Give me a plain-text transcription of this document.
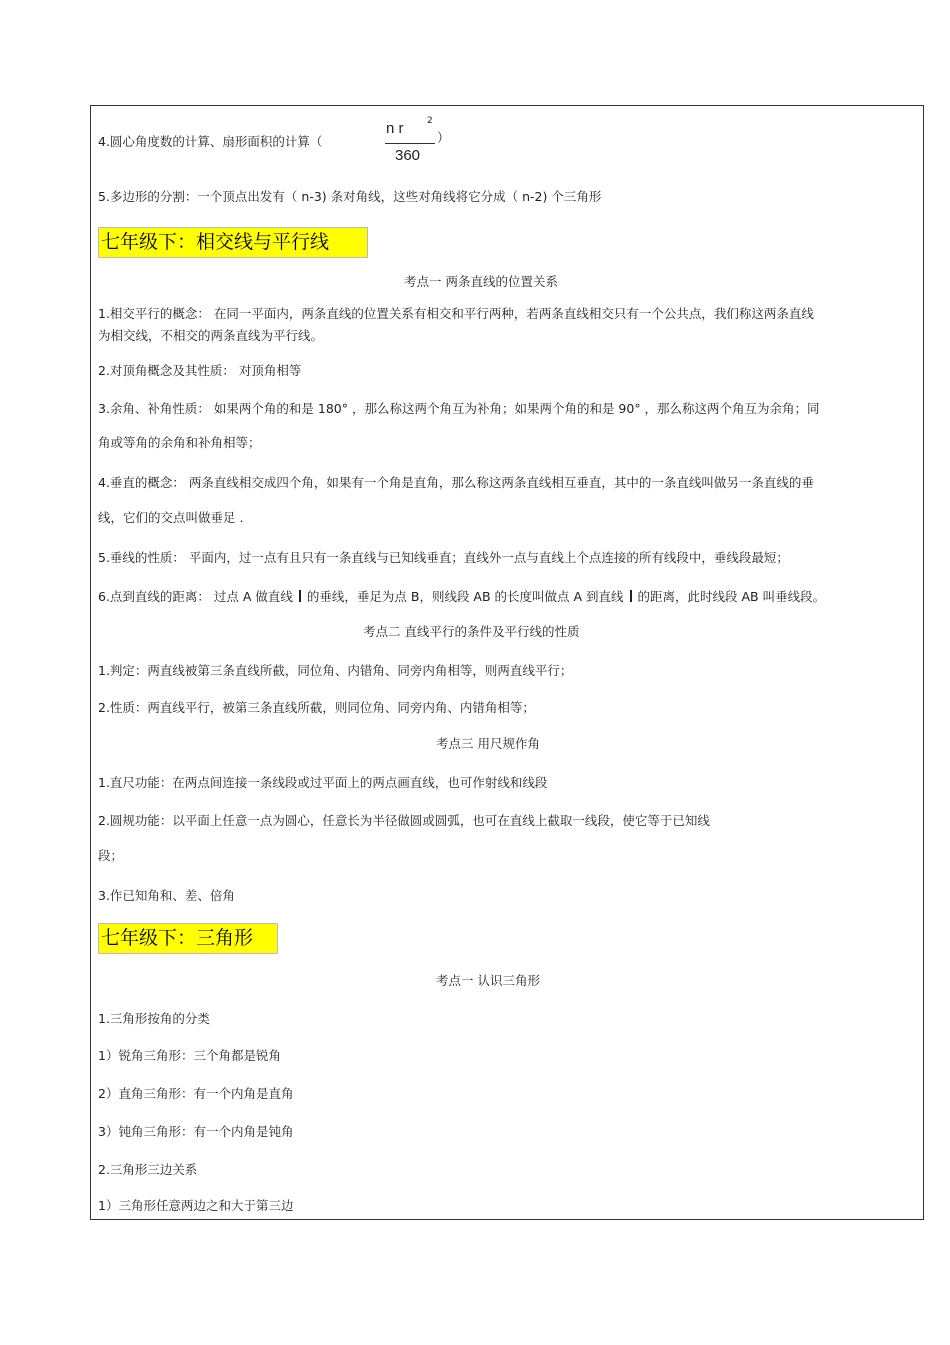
4.圆心角度数的计算、扇形面积的计算（
n r	2
360
）
5.多边形的分割：一个顶点出发有（ n-3) 条对角线，这些对角线将它分成（ n-2) 个三角形
七年级下：相交线与平行线
考点一 两条直线的位置关系
1.相交平行的概念： 在同一平面内，两条直线的位置关系有相交和平行两种，若两条直线相交只有一个公共点，我们称这两条直线
为相交线，不相交的两条直线为平行线。
2.对顶角概念及其性质： 对顶角相等
3.余角、补角性质： 如果两个角的和是 180° ，那么称这两个角互为补角；如果两个角的和是 90° ，那么称这两个角互为余角；同
角或等角的余角和补角相等；
4.垂直的概念： 两条直线相交成四个角，如果有一个角是直角，那么称这两条直线相互垂直，其中的一条直线叫做另一条直线的垂
线，它们的交点叫做垂足 .
5.垂线的性质： 平面内，过一点有且只有一条直线与已知线垂直；直线外一点与直线上个点连接的所有线段中，垂线段最短；
6.点到直线的距离： 过点 A 做直线 的垂线，垂足为点 B，则线段 AB 的长度叫做点 A 到直线 的距离，此时线段 AB 叫垂线段。
考点二 直线平行的条件及平行线的性质
1.判定：两直线被第三条直线所截，同位角、内错角、同旁内角相等，则两直线平行；
2.性质：两直线平行，被第三条直线所截，则同位角、同旁内角、内错角相等；
考点三 用尺规作角
1.直尺功能：在两点间连接一条线段或过平面上的两点画直线，也可作射线和线段
2.圆规功能：以平面上任意一点为圆心，任意长为半径做圆或圆弧，也可在直线上截取一线段，使它等于已知线
段；
3.作已知角和、差、倍角
七年级下：三角形
考点一 认识三角形
1.三角形按角的分类
1）锐角三角形：三个角都是锐角
2）直角三角形：有一个内角是直角
3）钝角三角形：有一个内角是钝角
2.三角形三边关系
1）三角形任意两边之和大于第三边
